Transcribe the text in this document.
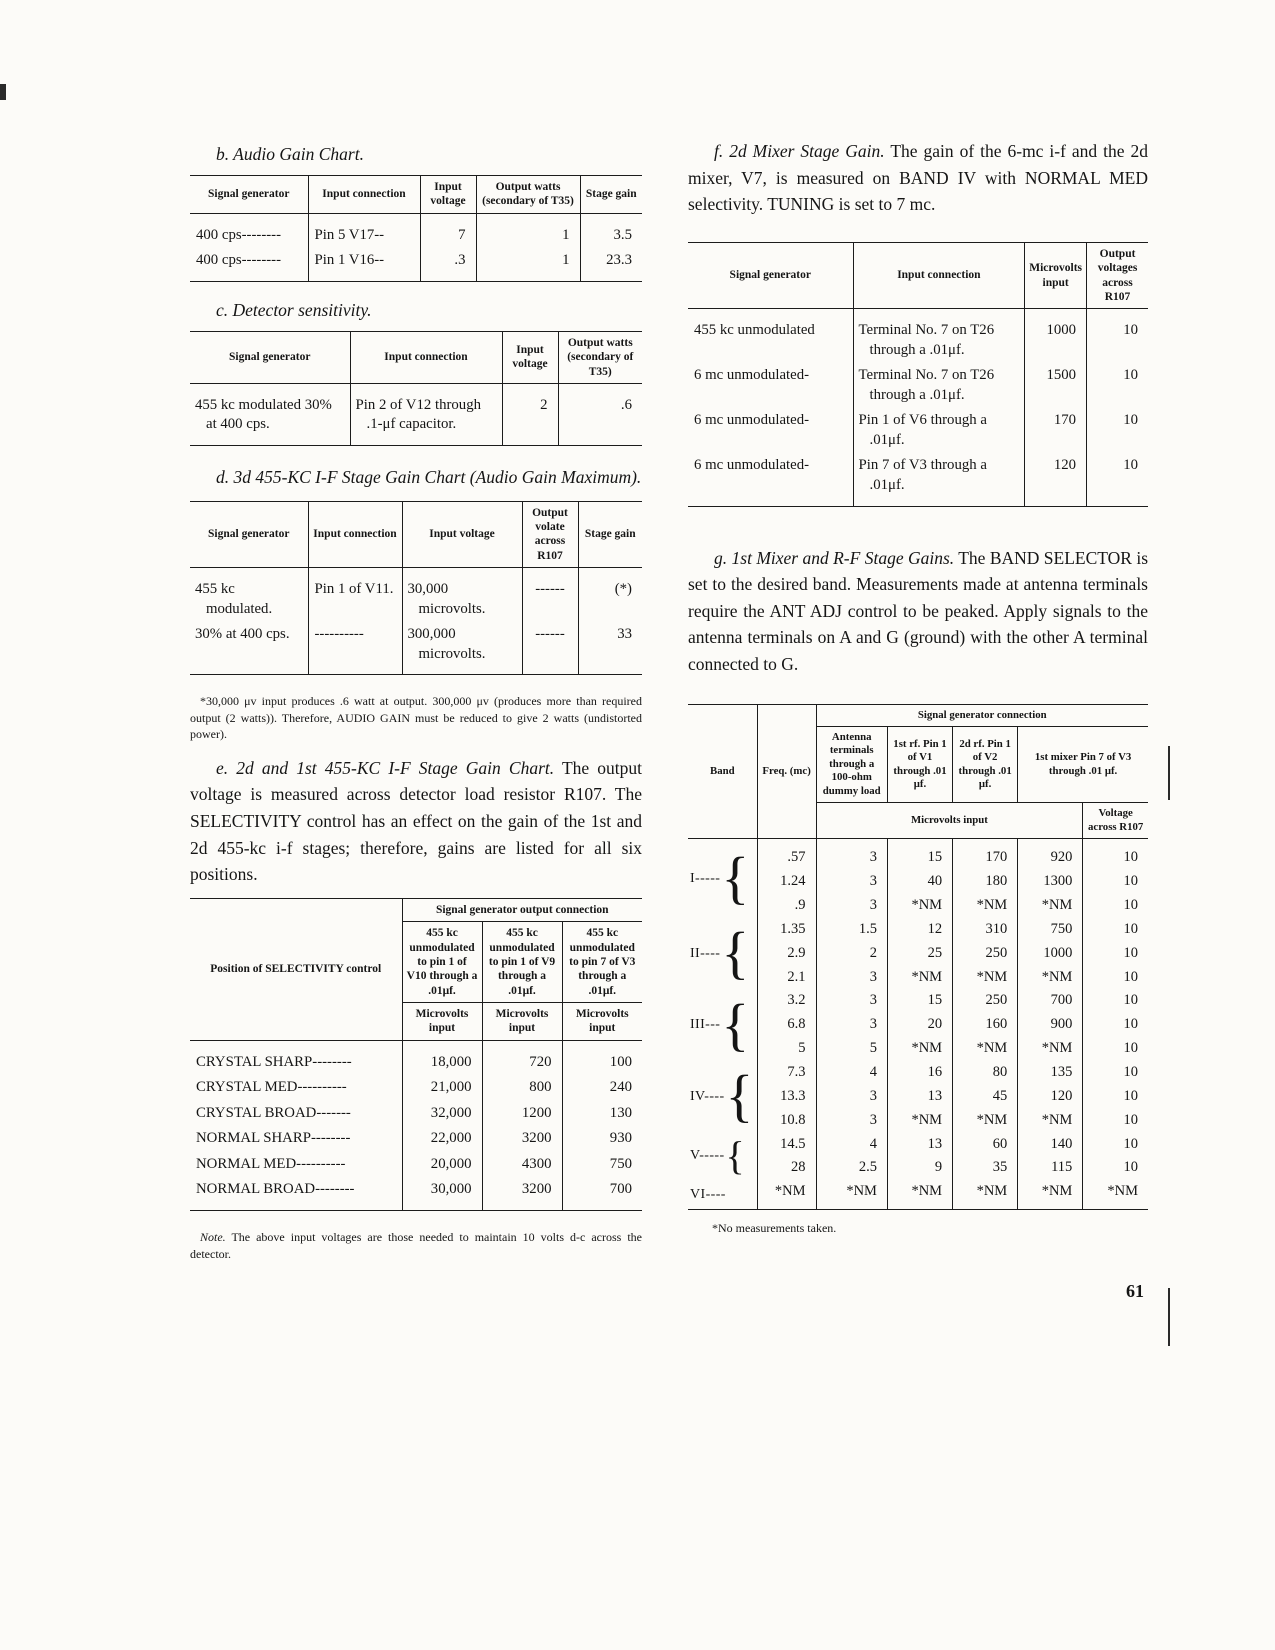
b. Audio Gain Chart.

Signal generator	Input connection	Input voltage	Output watts (secondary of T35)	Stage gain
400 cps--------	Pin 5 V17--	7	1	3.5
400 cps--------	Pin 1 V16--	.3	1	23.3

c. Detector sensitivity.

Signal generator	Input connection	Input voltage	Output watts (secondary of T35)
455 kc modulated 30% at 400 cps.	Pin 2 of V12 through .1-μf capacitor.	2	.6

d. 3d 455-KC I-F Stage Gain Chart (Audio Gain Maximum).

Signal generator	Input connection	Input voltage	Output volate across R107	Stage gain
455 kc modulated.	Pin 1 of V11.	30,000 microvolts.	------	(*)
30% at 400 cps.	----------	300,000 microvolts.	------	33

*30,000 μv input produces .6 watt at output. 300,000 μv (produces more than required output (2 watts)). Therefore, AUDIO GAIN must be reduced to give 2 watts (undistorted power).

e. 2d and 1st 455-KC I-F Stage Gain Chart. The output voltage is measured across detector load resistor R107. The SELECTIVITY control has an effect on the gain of the 1st and 2d 455-kc i-f stages; therefore, gains are listed for all six positions.

Position of SELECTIVITY control	Signal generator output connection		
	455 kc unmodulated to pin 1 of V10 through a .01μf.	455 kc unmodulated to pin 1 of V9 through a .01μf.	455 kc unmodulated to pin 7 of V3 through a .01μf.
	Microvolts input	Microvolts input	Microvolts input
CRYSTAL SHARP--------	18,000	720	100
CRYSTAL MED----------	21,000	800	240
CRYSTAL BROAD-------	32,000	1200	130
NORMAL SHARP--------	22,000	3200	930
NORMAL MED----------	20,000	4300	750
NORMAL BROAD--------	30,000	3200	700

Note. The above input voltages are those needed to maintain 10 volts d-c across the detector.

f. 2d Mixer Stage Gain. The gain of the 6-mc i-f and the 2d mixer, V7, is measured on BAND IV with NORMAL MED selectivity. TUNING is set to 7 mc.

Signal generator	Input connection	Microvolts input	Output voltages across R107
455 kc unmodulated	Terminal No. 7 on T26 through a .01μf.	1000	10
6 mc unmodulated-	Terminal No. 7 on T26 through a .01μf.	1500	10
6 mc unmodulated-	Pin 1 of V6 through a .01μf.	170	10
6 mc unmodulated-	Pin 7 of V3 through a .01μf.	120	10

g. 1st Mixer and R-F Stage Gains. The BAND SELECTOR is set to the desired band. Measurements made at antenna terminals require the ANT ADJ control to be peaked. Apply signals to the antenna terminals on A and G (ground) with the other A terminal connected to G.

Band	Freq. (mc)	Signal generator connection				
		Antenna terminals through a 100-ohm dummy load	1st rf. Pin 1 of V1 through .01 μf.	2d rf. Pin 1 of V2 through .01 μf.	1st mixer Pin 7 of V3 through .01 μf.	
		Microvolts input				Voltage across R107
I-----{	.57	3	15	170	920	10
	1.24	3	40	180	1300	10
	.9	3	*NM	*NM	*NM	10
II----{	1.35	1.5	12	310	750	10
	2.9	2	25	250	1000	10
	2.1	3	*NM	*NM	*NM	10
III---{	3.2	3	15	250	700	10
	6.8	3	20	160	900	10
	5	5	*NM	*NM	*NM	10
IV----{	7.3	4	16	80	135	10
	13.3	3	13	45	120	10
	10.8	3	*NM	*NM	*NM	10
V-----{	14.5	4	13	60	140	10
	28	2.5	9	35	115	10
VI----	*NM	*NM	*NM	*NM	*NM	*NM

*No measurements taken.

61
